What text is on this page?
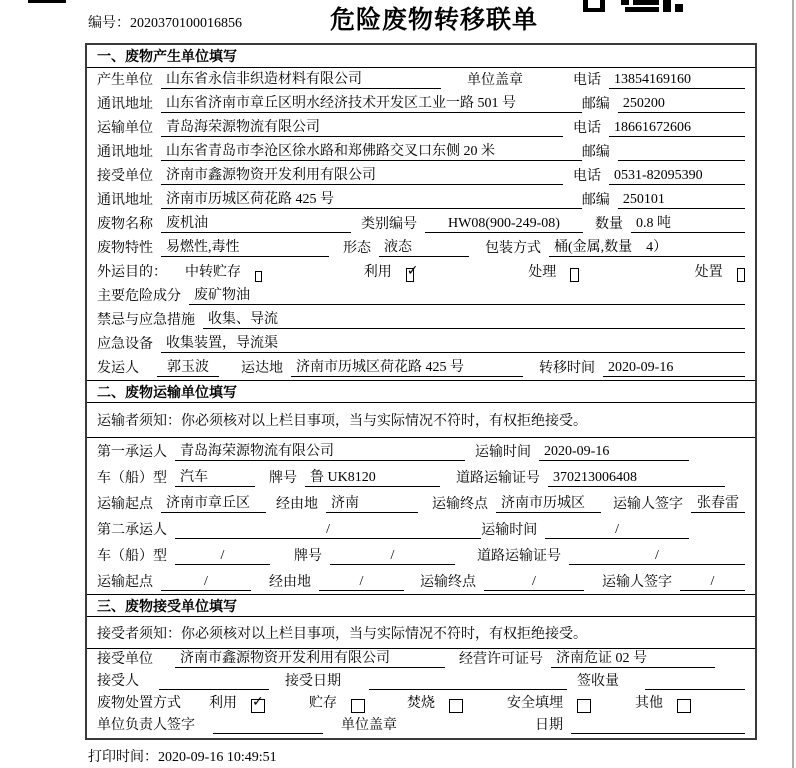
编号：2020370100016856	危险废物转移联单
一、废物产生单位填写
产生单位 山东省永信非织造材料有限公司	单位盖章	电话 13854169160
通讯地址 山东省济南市章丘区明水经济技术开发区工业一路 501 号	邮编 250200
运输单位 青岛海荣源物流有限公司	电话 18661672606
通讯地址 山东省青岛市李沧区徐水路和郑佛路交叉口东侧 20 米	邮编
接受单位 济南市鑫源物资开发利用有限公司	电话 0531-82095390
通讯地址 济南市历城区荷花路 425 号	邮编 250101
废物名称 废机油	类别编号	HW08(900-249-08)	数量 0.8 吨
废物特性 易燃性,毒性	形态 液态	包装方式 桶(金属,数量　4）
外运目的： 中转贮存	利用 ✓	处理	处置
主要危险成分 废矿物油
禁忌与应急措施 收集、导流
应急设备 收集装置，导流渠
发运人	郭玉波	运达地 济南市历城区荷花路 425 号	转移时间 2020-09-16
二、废物运输单位填写
运输者须知：你必须核对以上栏目事项，当与实际情况不符时，有权拒绝接受。
第一承运人 青岛海荣源物流有限公司	运输时间 2020-09-16
车（船）型 汽车	牌号 鲁 UK8120	道路运输证号 370213006408
运输起点 济南市章丘区	经由地 济南	运输终点 济南市历城区	运输人签字	张春雷
第二承运人	/	运输时间	/
车（船）型	/	牌号	/	道路运输证号	/
运输起点	/	经由地	/	运输终点	/	运输人签字	/
三、废物接受单位填写
接受者须知：你必须核对以上栏目事项，当与实际情况不符时，有权拒绝接受。
接受单位	济南市鑫源物资开发利用有限公司	经营许可证号 济南危证 02 号
接受人	接受日期	签收量
废物处置方式 利用 ✓	贮存	焚烧	安全填埋	其他
单位负责人签字	单位盖章	日期
打印时间：2020-09-16 10:49:51
